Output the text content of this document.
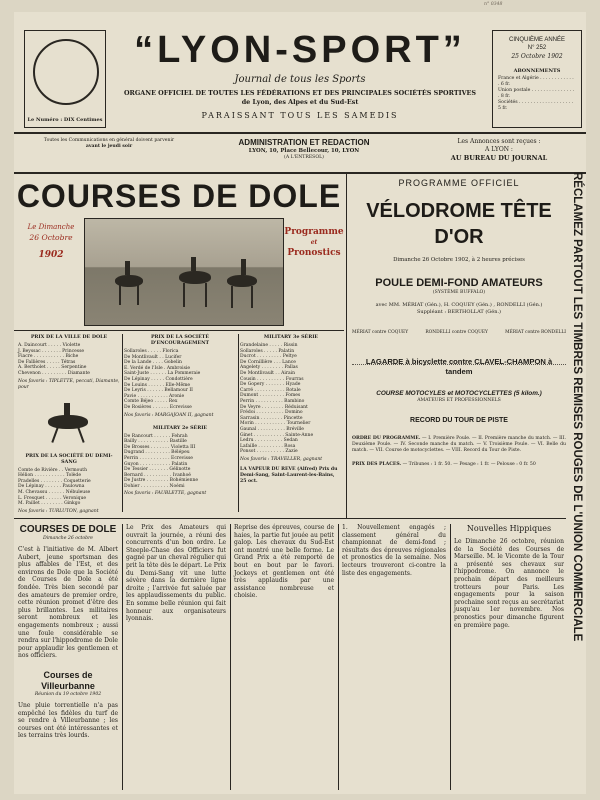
n° 0348
Le Numéro : DIX Centimes
“LYON-SPORT”
Journal de tous les Sports
ORGANE OFFICIEL DE TOUTES LES FÉDÉRATIONS ET DES PRINCIPALES SOCIÉTÉS SPORTIVES
de Lyon, des Alpes et du Sud-Est
PARAISSANT TOUS LES SAMEDIS
CINQUIÈME ANNÉE
N° 252
25 Octobre 1902
ABONNEMENTS
France et Algérie . . . . . . . . . . . . . 6 fr.
Union postale . . . . . . . . . . . . . . . . 8 fr.
Sociétés . . . . . . . . . . . . . . . . . . . 5 fr.
Toutes les Communications en général doivent parvenir
avant le jeudi soir	ADMINISTRATION ET REDACTION
LYON, 10, Place Bellecour, 10, LYON
(A L'ENTRESOL)
Les Annonces sont reçues :
A LYON :
AU BUREAU DU JOURNAL
COURSES DE DOLE
Le Dimanche
26 Octobre
1902
Programme
et
Pronostics
PRIX DE LA VILLE DE DOLE
A. Daincourt . . . . . Violette
J. Beyssac . . . . . . . Princesse
Fiacre . . . . . . . . . . . Biche
De Fallières . . . . . Tétras
A. Bertholet . . . . . Serpentine
Chevenon . . . . . . . . . Diamante
Nos favoris : TIPLETTE, peccati, Diamante, pour
PRIX DE LA SOCIÉTÉ DU DEMI-SANG
Comte de Rivière . . Vermouth
Hélion . . . . . . . . . . . Tolède
Pradelles . . . . . . . . Coquetterie
De Lépinay . . . . . . Paulowna
M. Chevassu . . . . . . Nébuleuse
L. Fresquet . . . . . . Veronique
M. Paillet . . . . . . . . Ginkgo
Nos favoris : TURLUTON, gagnant
PRIX DE LA SOCIÉTÉ D'ENCOURAGEMENT
Sollaroles . . . . . Florica
De Montlivault . . Lucifer
De la Lande . . . . Gobelin
E. Verdé de l'Isle . Ambroisie
Saint-Juste . . . . . . La Pommeraie
De Lépinay . . . . . Condottière
De Louins . . . . . . Elle-Même
De Leyris . . . . . . Bellamour II
Pavie . . . . . . . . . . . Aronie
Comte Béjeo . . . . . Rex
De Rosières . . . . . . Ecrevisse
Nos favoris : MARGAJOAN II, gagnant
MILITARY 2e SÉRIE
De Rancourt . . . . . . Fehrah
Bailly . . . . . . . . . . . Bastille
De Brosses . . . . . . . Violetta III
Dugrand . . . . . . . . . Bélépeu
Perrin . . . . . . . . . . . Ecrevisse
Guyon . . . . . . . . . . . Palatin
De Tessier . . . . . . . Gélinotte
Bernard . . . . . . . . . . Ivanhoé
De Justre . . . . . . . . Bohémienne
Dohier . . . . . . . . . . Noémi
Nos favoris : FAUBLETTE, gagnant
MILITARY 3e SÉRIE
Grandelaine . . . . . Rissin
Sollaroles . . . . . Palatin
Ducrot . . . . . . . . . Peltye
De Cornillière . . . Lance
Angelety . . . . . . . . Pallas
De Montlivault . . Airain
Cousin . . . . . . . . . . Fourras
De Gopery . . . . . . . Hyade
Carré . . . . . . . . . . . Rotale
Dumont . . . . . . . . . Fomes
Perrin . . . . . . . . . . Bambino
De Veyre . . . . . . . . Réduisant
Frédoi . . . . . . . . . . Domino
Sarrasin . . . . . . . . Pincette
Morin . . . . . . . . . . . Tournelier
Gaunal . . . . . . . . . . Bréville
Ginet . . . . . . . . . . . Sainte-Anne
Ledru . . . . . . . . . . Sedan
Lafaille . . . . . . . . . Rosa
Ponsot . . . . . . . . . . Zazie
Nos favoris : TRAVELLER, gagnant
LA VAPEUR DU REVE (Alfred) Prix du Demi-Sang, Saint-Laurent-les-Bains, 25 oct.
PROGRAMME OFFICIEL
VÉLODROME TÊTE D'OR
Dimanche 26 Octobre 1902, à 2 heures précises
POULE DEMI-FOND AMATEURS
(SYSTÈME BUFFALO)
avec MM. MÉRIAT (Gén.), H. COQUEY (Gén.) , RONDELLI (Gén.)
Suppléant : BERTHOLLAT (Gén.)
MÉRIAT contre COQUEY	RONDELLI contre COQUEY	MÉRIAT contre RONDELLI
LAGARDE à bicyclette contre CLAVEL-CHAMPON à tandem
COURSE MOTOCYLES et MOTOCYCLETTES (5 kilom.)
AMATEURS ET PROFESSIONNELS
RECORD DU TOUR DE PISTE
ORDRE DU PROGRAMME. — I. Première Poule. — II. Première manche du match. — III. Deuxième Poule. — IV. Seconde manche du match. — V. Troisième Poule. — VI. Belle du match. — VII. Course de motocyclettes. — VIII. Record du Tour de Piste.
PRIX DES PLACES. — Tribunes : 1 fr. 50. — Pesage : 1 fr. — Pelouse : 0 fr. 50	RÉCLAMEZ PARTOUT LES TIMBRES REMISES ROUGES DE L'UNION COMMERCIALE
COURSES DE DOLE
Dimanche 26 octobre
C'est à l'initiative de M. Albert Aubert, jeune sportsman des plus affables de l'Est, et des environs de Dole que la Société de Courses de Dole a été fondée. Très bien secondé par des amateurs de premier ordre, cette réunion promet d'être des plus brillantes. Les militaires seront nombreux et les engagements nombreux ; aussi une foule considérable se rendra sur l'hippodrome de Dole pour applaudir les gentlemen et nos officiers.
Courses de Villeurbanne
Réunion du 19 octobre 1902
Une pluie torrentielle n'a pas empêché les fidèles du turf de se rendre à Villeurbanne ; les courses ont été intéressantes et les terrains très lourds.
Le Prix des Amateurs qui ouvrait la journée, a réuni des concurrents d'un bon ordre. Le Steeple-Chase des Officiers fut gagné par un cheval régulier qui prit la tête dès le départ. Le Prix du Demi-Sang vit une lutte sévère dans la dernière ligne droite ; l'arrivée fut saluée par les applaudissements du public. En somme belle réunion qui fait honneur aux organisateurs lyonnais.
Reprise des épreuves, course de haies, la partie fut jouée au petit galop. Les chevaux du Sud-Est ont montré une belle forme. Le Grand Prix a été remporté de bout en bout par le favori. Jockeys et gentlemen ont été très applaudis par une assistance nombreuse et choisie.
1. Nouvellement engagés ; classement général du championnat de demi-fond ; résultats des épreuves régionales et pronostics de la semaine. Nos lecteurs trouveront ci-contre la liste des engagements.
Nouvelles Hippiques
Le Dimanche 26 octobre, réunion de la Société des Courses de Marseille. M. le Vicomte de la Tour a présenté ses chevaux sur l'hippodrome. On annonce le prochain départ des meilleurs trotteurs pour Paris. Les engagements pour la saison prochaine sont reçus au secrétariat jusqu'au 1er novembre. Nos pronostics pour dimanche figurent en première page.
